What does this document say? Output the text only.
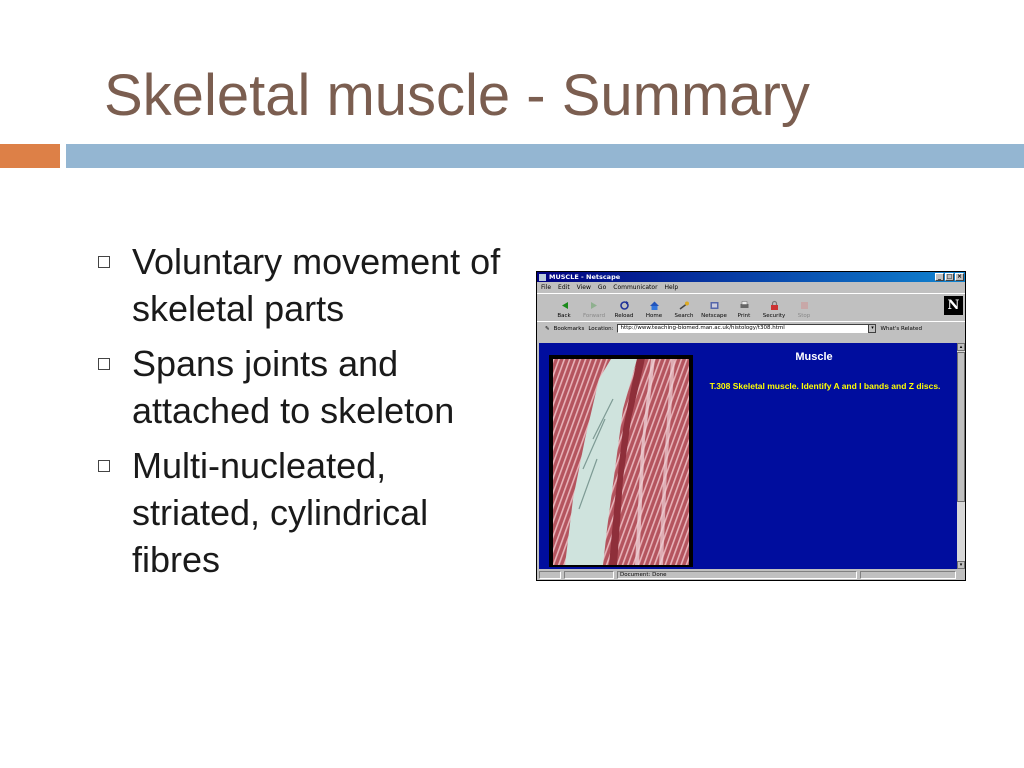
Skeletal muscle - Summary
Voluntary movement of skeletal parts
Spans joints and attached to skeleton
Multi-nucleated, striated, cylindrical fibres
MUSCLE - Netscape	_ □ ×
File Edit View Go Communicator Help
Back Forward Reload Home Search Netscape Print Security Stop
N
✎ Bookmarks Location:	http://www.teaching-biomed.man.ac.uk/histology/t308.html	▾	What's Related
Muscle
T.308 Skeletal muscle. Identify A and I bands and Z discs.
▴
▾
Document: Done
